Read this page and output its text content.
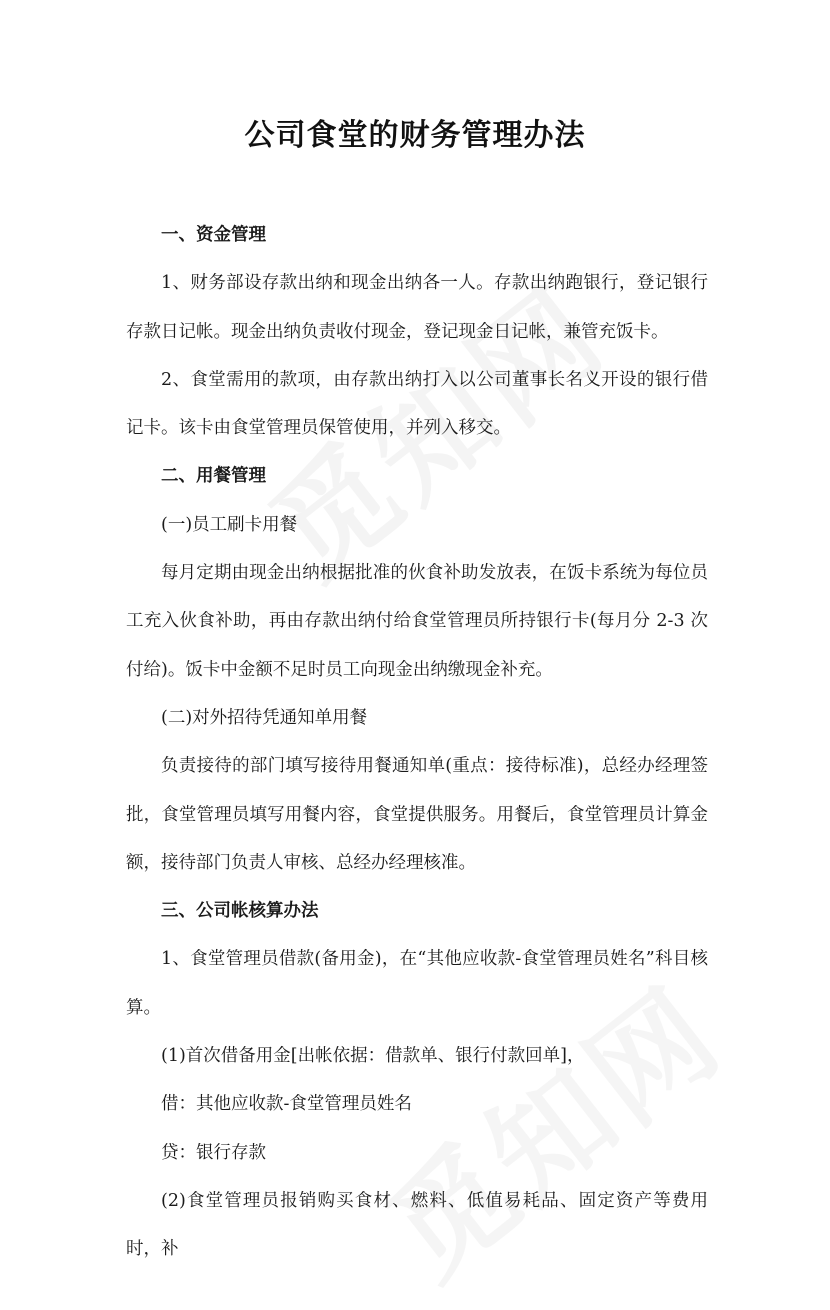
公司食堂的财务管理办法

一、资金管理

1、财务部设存款出纳和现金出纳各一人。存款出纳跑银行，登记银行存款日记帐。现金出纳负责收付现金，登记现金日记帐，兼管充饭卡。

2、食堂需用的款项，由存款出纳打入以公司董事长名义开设的银行借记卡。该卡由食堂管理员保管使用，并列入移交。

二、用餐管理

(一)员工刷卡用餐

每月定期由现金出纳根据批准的伙食补助发放表，在饭卡系统为每位员工充入伙食补助，再由存款出纳付给食堂管理员所持银行卡(每月分 2-3 次付给)。饭卡中金额不足时员工向现金出纳缴现金补充。

(二)对外招待凭通知单用餐

负责接待的部门填写接待用餐通知单(重点：接待标准)，总经办经理签批，食堂管理员填写用餐内容，食堂提供服务。用餐后，食堂管理员计算金额，接待部门负责人审核、总经办经理核准。

三、公司帐核算办法

1、食堂管理员借款(备用金)，在“其他应收款-食堂管理员姓名”科目核算。

(1)首次借备用金[出帐依据：借款单、银行付款回单]，

借：其他应收款-食堂管理员姓名

贷：银行存款

(2)食堂管理员报销购买食材、燃料、低值易耗品、固定资产等费用时，补
